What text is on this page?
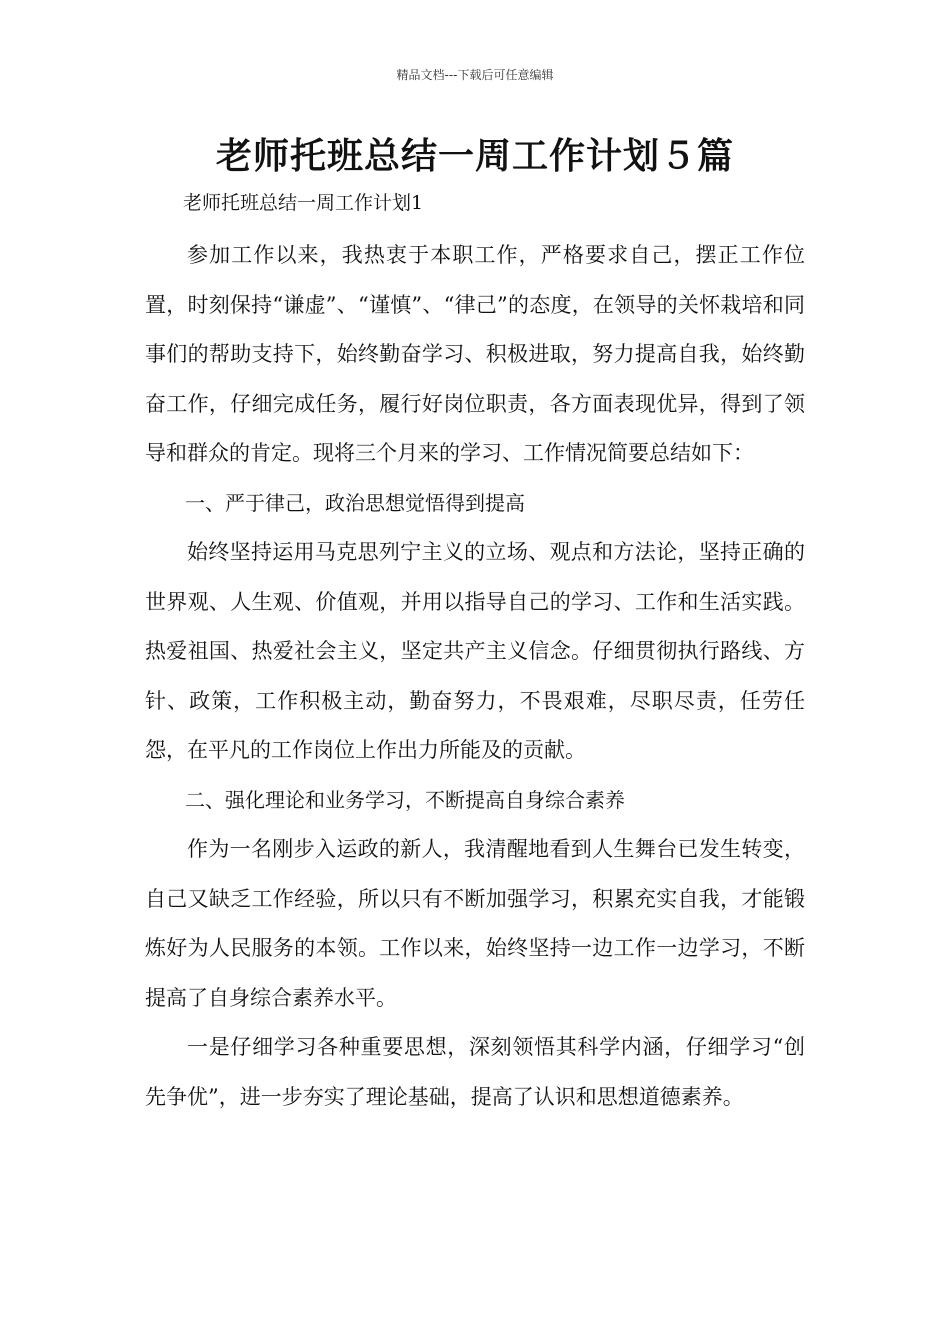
精品文档---下载后可任意编辑
老师托班总结一周工作计划５篇

老师托班总结一周工作计划1

参加工作以来，我热衷于本职工作，严格要求自己，摆正工作位置，时刻保持“谦虚”、“谨慎”、“律己”的态度，在领导的关怀栽培和同事们的帮助支持下，始终勤奋学习、积极进取，努力提高自我，始终勤奋工作，仔细完成任务，履行好岗位职责，各方面表现优异，得到了领导和群众的肯定。现将三个月来的学习、工作情况简要总结如下：

一、严于律己，政治思想觉悟得到提高

始终坚持运用马克思列宁主义的立场、观点和方法论，坚持正确的世界观、人生观、价值观，并用以指导自己的学习、工作和生活实践。热爱祖国、热爱社会主义，坚定共产主义信念。仔细贯彻执行路线、方针、政策，工作积极主动，勤奋努力，不畏艰难，尽职尽责，任劳任怨，在平凡的工作岗位上作出力所能及的贡献。

二、强化理论和业务学习，不断提高自身综合素养

作为一名刚步入运政的新人，我清醒地看到人生舞台已发生转变，自己又缺乏工作经验，所以只有不断加强学习，积累充实自我，才能锻炼好为人民服务的本领。工作以来，始终坚持一边工作一边学习，不断提高了自身综合素养水平。

一是仔细学习各种重要思想，深刻领悟其科学内涵，仔细学习“创先争优”，进一步夯实了理论基础，提高了认识和思想道德素养。
